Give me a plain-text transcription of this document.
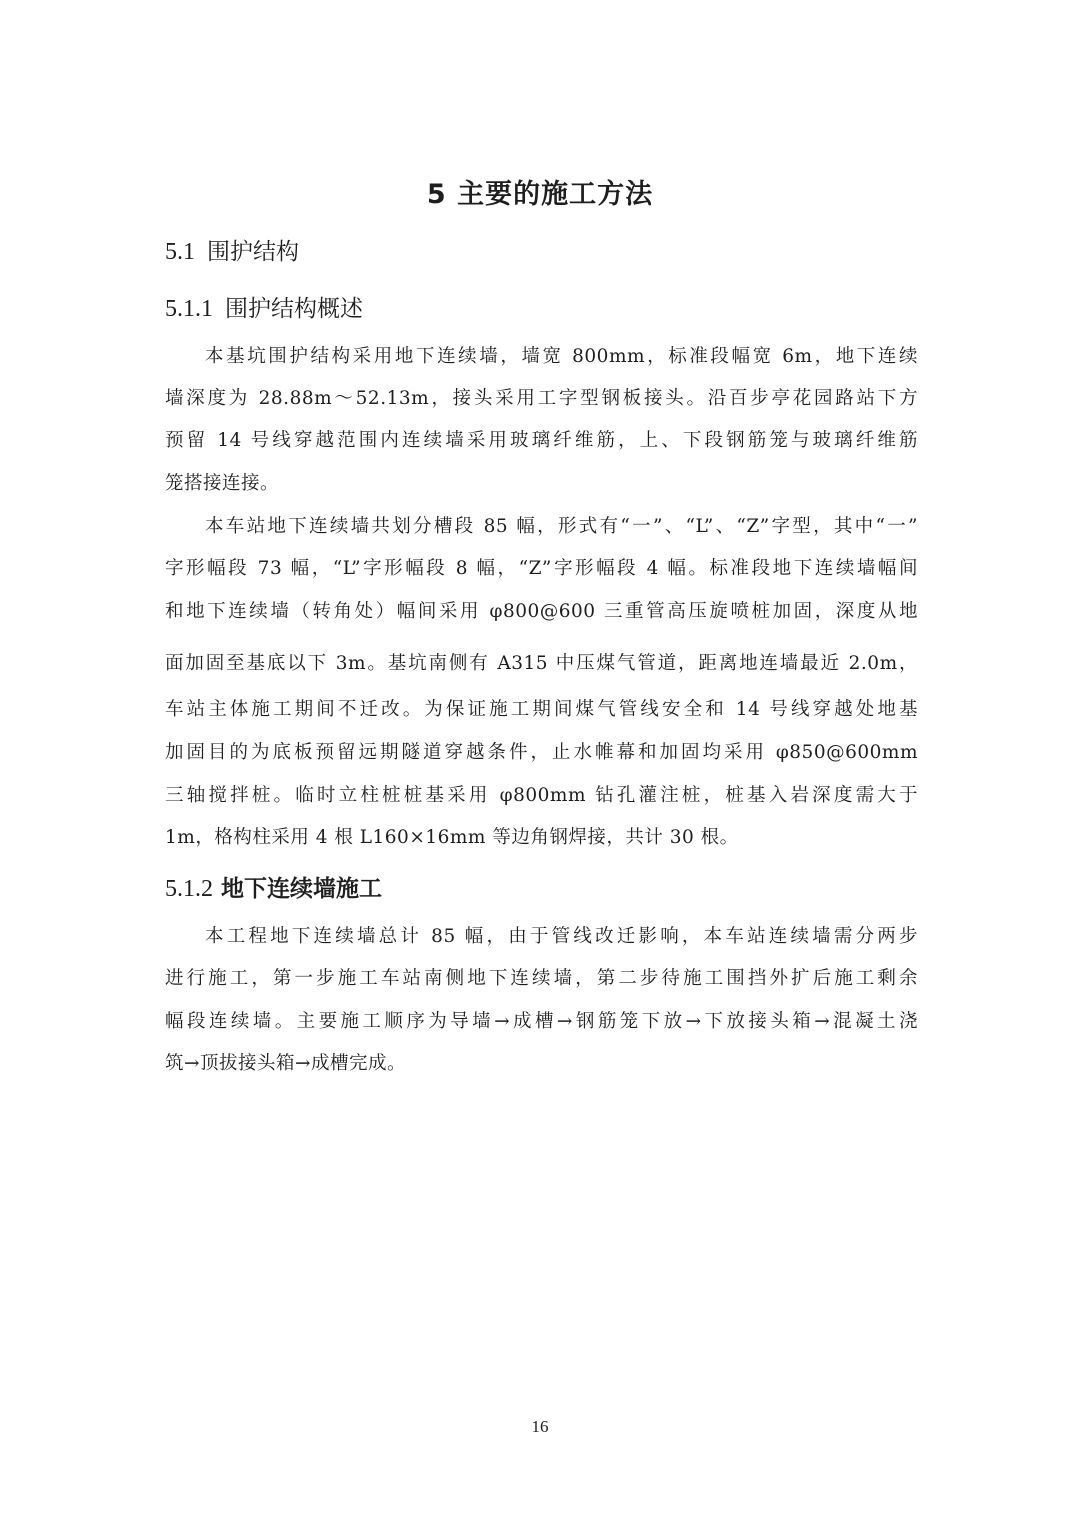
5 主要的施工方法
5.1 围护结构
5.1.1 围护结构概述

本基坑围护结构采用地下连续墙，墙宽 800mm，标准段幅宽 6m，地下连续

墙深度为 28.88m～52.13m，接头采用工字型钢板接头。沿百步亭花园路站下方

预留 14 号线穿越范围内连续墙采用玻璃纤维筋，上、下段钢筋笼与玻璃纤维筋

笼搭接连接。

本车站地下连续墙共划分槽段 85 幅，形式有“一”、“L”、“Z”字型，其中“一”

字形幅段 73 幅，“L”字形幅段 8 幅，“Z”字形幅段 4 幅。标准段地下连续墙幅间

和地下连续墙（转角处）幅间采用 φ800@600 三重管高压旋喷桩加固，深度从地

面加固至基底以下 3m。基坑南侧有 A315 中压煤气管道，距离地连墙最近 2.0m，

车站主体施工期间不迁改。为保证施工期间煤气管线安全和 14 号线穿越处地基

加固目的为底板预留远期隧道穿越条件，止水帷幕和加固均采用 φ850@600mm

三轴搅拌桩。临时立柱桩桩基采用 φ800mm 钻孔灌注桩，桩基入岩深度需大于

1m，格构柱采用 4 根 L160×16mm 等边角钢焊接，共计 30 根。

5.1.2 地下连续墙施工

本工程地下连续墙总计 85 幅，由于管线改迁影响，本车站连续墙需分两步

进行施工，第一步施工车站南侧地下连续墙，第二步待施工围挡外扩后施工剩余

幅段连续墙。主要施工顺序为导墙→成槽→钢筋笼下放→下放接头箱→混凝土浇

筑→顶拔接头箱→成槽完成。

16
